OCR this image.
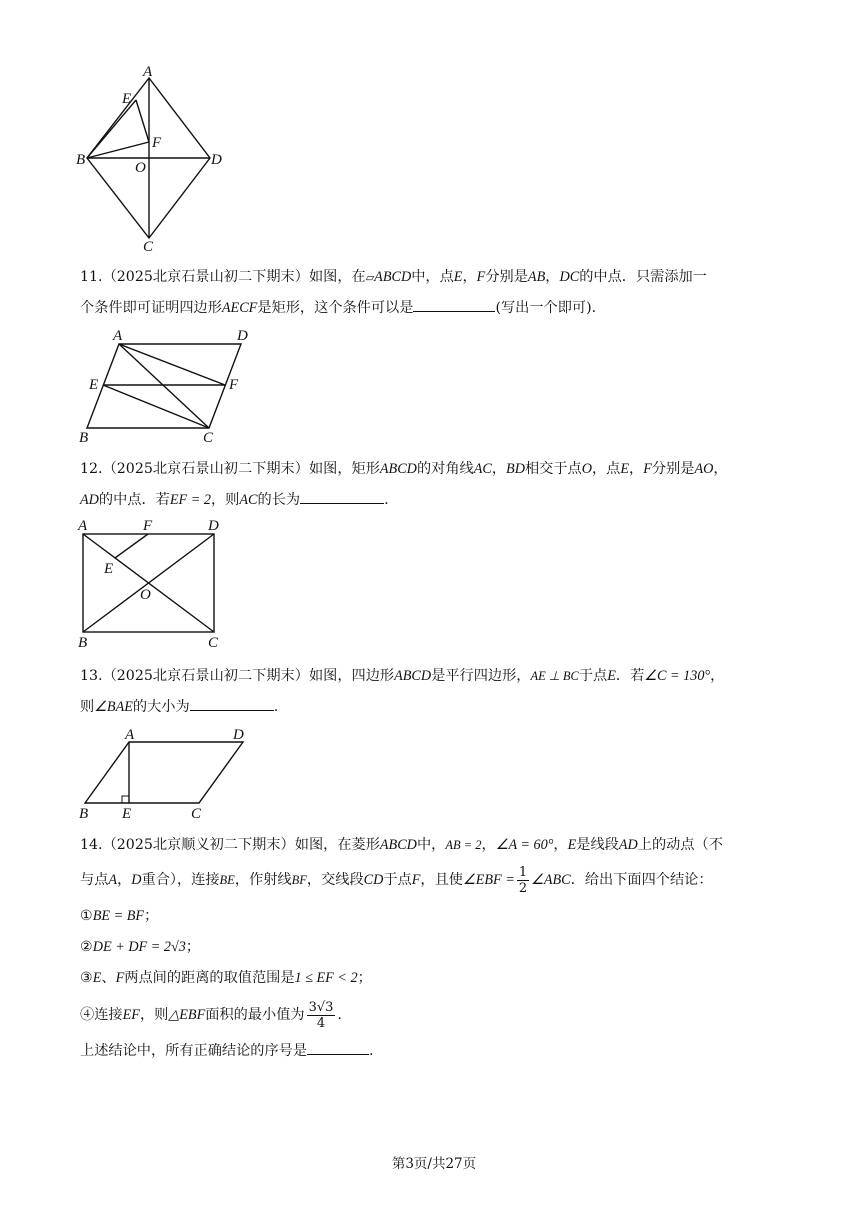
A
E
F
B	O	D
C

11.（2025北京石景山初二下期末）如图，在▱ABCD中，点E，F分别是AB，DC的中点．只需添加一

个条件即可证明四边形AECF是矩形，这个条件可以是	(写出一个即可).

A	D
E	F
B	C

12.（2025北京石景山初二下期末）如图，矩形ABCD的对角线AC，BD相交于点O，点E，F分别是AO，

AD的中点．若EF = 2，则AC的长为	.

A	F	D
E
O
B	C

13.（2025北京石景山初二下期末）如图，四边形ABCD是平行四边形，AE ⊥ BC于点E．若∠C = 130°，

则∠BAE的大小为	.

A	D
B E	C

14.（2025北京顺义初二下期末）如图，在菱形ABCD中，AB = 2，∠A = 60°，E是线段AD上的动点（不

与点A，D重合），连接BE，作射线BF，交线段CD于点F，且使∠EBF = $\frac{1}{2}$ ∠ABC．给出下面四个结论：

①BE = BF；

②DE + DF = 2√3；

③E、F两点间的距离的取值范围是1 ≤ EF < 2；

④连接EF，则△EBF面积的最小值为 $\frac{3√3}{4}$ .

上述结论中，所有正确结论的序号是	.

第3页/共27页
